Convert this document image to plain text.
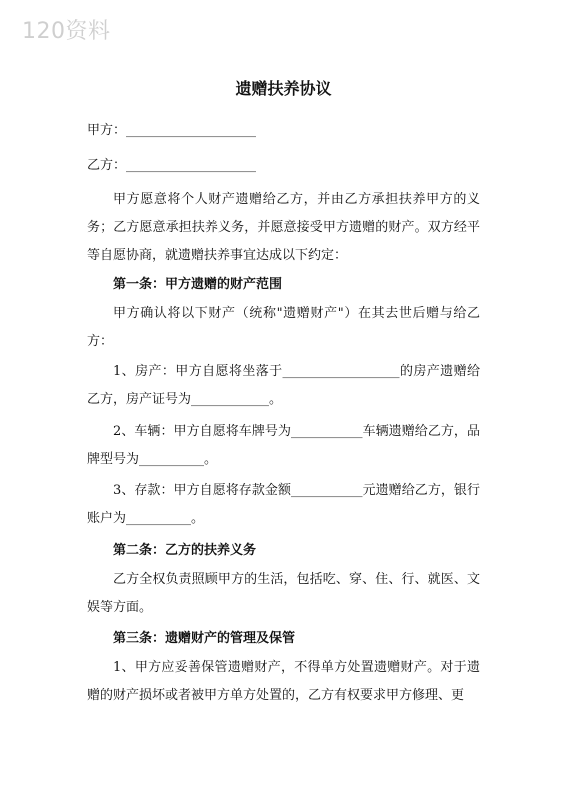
120资料
遗赠扶养协议

甲方：____________________

乙方：____________________

甲方愿意将个人财产遗赠给乙方，并由乙方承担扶养甲方的义务；乙方愿意承担扶养义务，并愿意接受甲方遗赠的财产。双方经平等自愿协商，就遗赠扶养事宜达成以下约定：

第一条：甲方遗赠的财产范围

甲方确认将以下财产（统称"遗赠财产"）在其去世后赠与给乙方：

1、房产：甲方自愿将坐落于__________________的房产遗赠给乙方，房产证号为____________。

2、车辆：甲方自愿将车牌号为___________车辆遗赠给乙方，品牌型号为__________。

3、存款：甲方自愿将存款金额___________元遗赠给乙方，银行账户为__________。

第二条：乙方的扶养义务

乙方全权负责照顾甲方的生活，包括吃、穿、住、行、就医、文娱等方面。

第三条：遗赠财产的管理及保管

1、甲方应妥善保管遗赠财产，不得单方处置遗赠财产。对于遗赠的财产损坏或者被甲方单方处置的，乙方有权要求甲方修理、更
